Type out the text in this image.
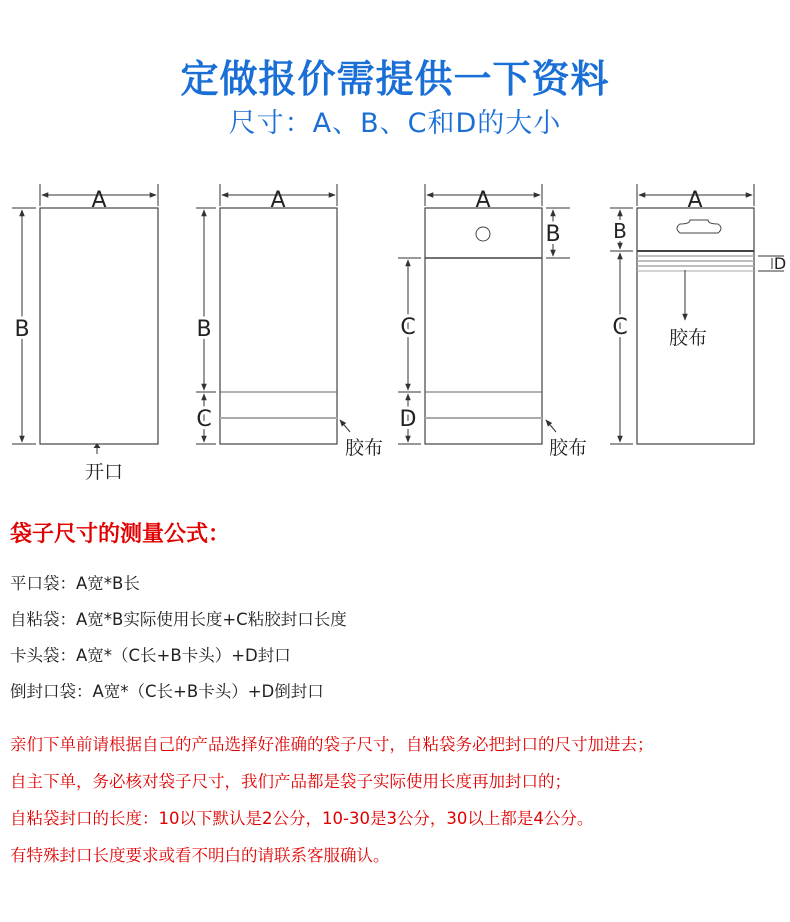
定做报价需提供一下资料
尺寸：A、B、C和D的大小
A
B
开口
A
B
C
胶布
A
B
C
D
胶布
A
B
C
D
胶布
袋子尺寸的测量公式：
平口袋：A宽*B长
自粘袋：A宽*B实际使用长度+C粘胶封口长度
卡头袋：A宽*（C长+B卡头）+D封口
倒封口袋：A宽*（C长+B卡头）+D倒封口
亲们下单前请根据自己的产品选择好准确的袋子尺寸，自粘袋务必把封口的尺寸加进去；
自主下单，务必核对袋子尺寸，我们产品都是袋子实际使用长度再加封口的；
自粘袋封口的长度：10以下默认是2公分，10-30是3公分，30以上都是4公分。
有特殊封口长度要求或看不明白的请联系客服确认。
